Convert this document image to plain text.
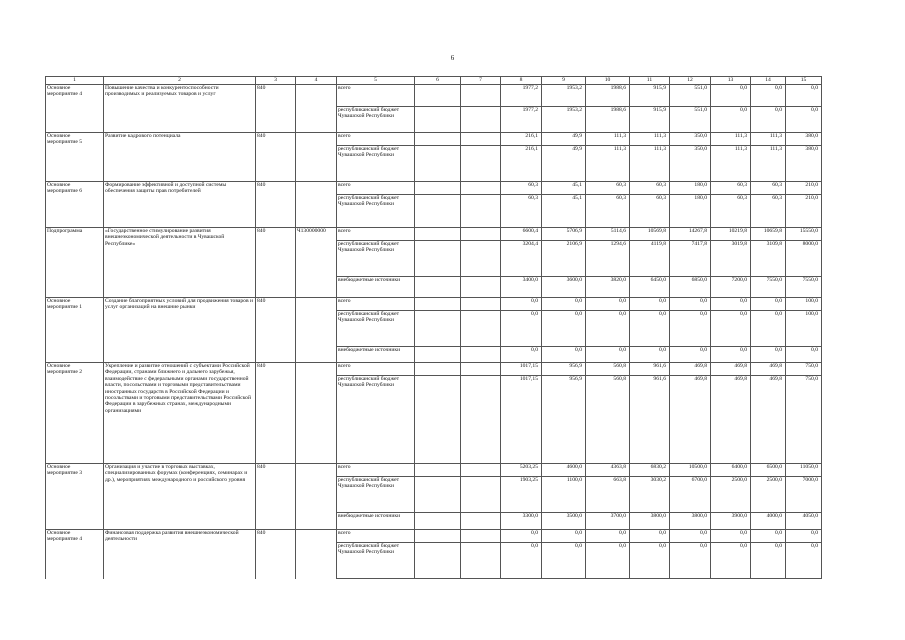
6
1	2	3	4	5	6	7	8	9	10	11	12	13	14	15
Основное мероприятие 4	Повышение качества и конкурентоспособности производимых и реализуемых товаров и услуг	840		всего			1977,2	1953,2	1988,6	915,9	551,0	0,0	0,0	0,0
				республиканский бюджет Чувашской Республики			1977,2	1953,2	1988,6	915,9	551,0	0,0	0,0	0,0
Основное мероприятие 5	Развитие кадрового потенциала	840		всего			216,1	49,9	111,3	111,3	350,0	111,3	111,3	380,0
				республиканский бюджет Чувашской Республики			216,1	49,9	111,3	111,3	350,0	111,3	111,3	380,0
Основное мероприятие 6	Формирование эффективной и доступной системы обеспечения защиты прав потребителей	840		всего			60,3	45,1	60,3	60,3	180,0	60,3	60,3	210,0
				республиканский бюджет Чувашской Республики			60,3	45,1	60,3	60,3	180,0	60,3	60,3	210,0
Подпрограмма	«Государственное стимулирование развития внешнеэкономической деятельности в Чувашской Республике»	840	Ч130000000	всего			6600,4	5706,9	5114,6	10569,8	14267,8	10219,8	10659,8	15550,0
				республиканский бюджет Чувашской Республики			3204,4	2106,9	1294,6	4119,8	7417,8	3019,8	3109,8	8000,0
				внебюджетные источники			3400,0	3600,0	3820,0	6450,0	6850,0	7200,0	7550,0	7550,0
Основное мероприятие 1	Создание благоприятных условий для продвижения товаров и услуг организаций на внешние рынки	840		всего			0,0	0,0	0,0	0,0	0,0	0,0	0,0	100,0
				республиканский бюджет Чувашской Республики			0,0	0,0	0,0	0,0	0,0	0,0	0,0	100,0
				внебюджетные источники			0,0	0,0	0,0	0,0	0,0	0,0	0,0	0,0
Основное мероприятие 2	Укрепление и развитие отношений с субъектами Российской Федерации, странами ближнего и дальнего зарубежья, взаимодействие с федеральными органами государственной власти, посольствами и торговыми представительствами иностранных государств в Российской Федерации и посольствами и торговыми представительствами Российской Федерации в зарубежных странах, международными организациями	840		всего			1017,15	956,9	560,8	961,6	469,8	469,8	469,8	750,0
				республиканский бюджет Чувашской Республики			1017,15	956,9	560,8	961,6	469,8	469,8	469,8	750,0
Основное мероприятие 3	Организация и участие в торговых выставках, специализированных форумах (конференциях, семинарах и др.), мероприятиях международного и российского уровня	840		всего			5203,25	4600,0	4363,8	6830,2	10500,0	6400,0	6500,0	11050,0
				республиканский бюджет Чувашской Республики			1903,25	1100,0	663,8	3030,2	6700,0	2500,0	2500,0	7000,0
				внебюджетные источники			3300,0	3500,0	3700,0	3800,0	3800,0	3900,0	4000,0	4050,0
Основное мероприятие 4	Финансовая поддержка развития внешнеэкономической деятельности	840		всего			0,0	0,0	0,0	0,0	0,0	0,0	0,0	0,0
				республиканский бюджет Чувашской Республики			0,0	0,0	0,0	0,0	0,0	0,0	0,0	0,0
